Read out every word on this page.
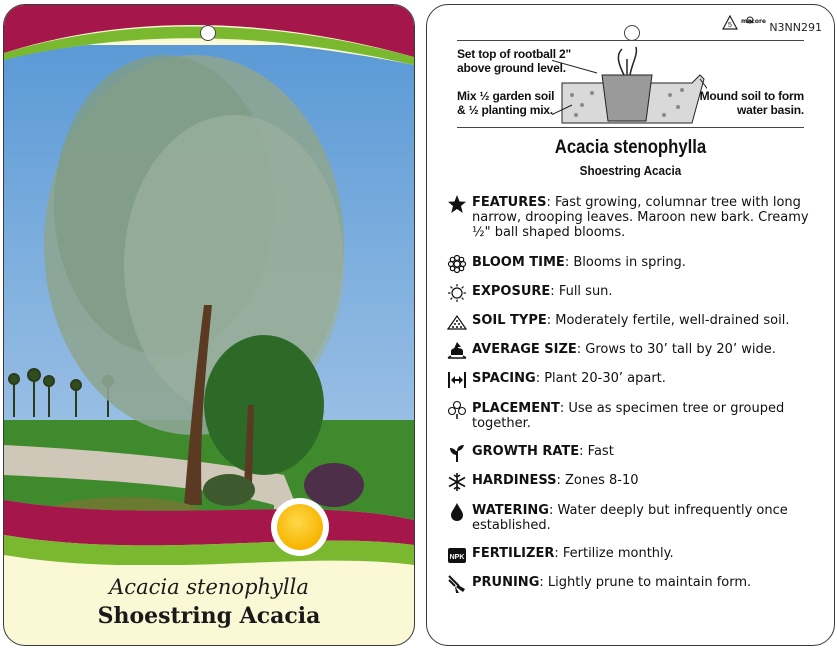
Acacia stenophylla
Shoestring Acacia
5
macore N3NN291
Set top of rootball 2"
above ground level.
Mix ½ garden soil
& ½ planting mix.
Mound soil to form
water basin.
Acacia stenophylla
Shoestring Acacia
FEATURES: Fast growing, columnar tree with long narrow, drooping leaves. Maroon new bark. Creamy ½" ball shaped blooms.
BLOOM TIME: Blooms in spring.
EXPOSURE: Full sun.
SOIL TYPE: Moderately fertile, well-drained soil.
AVERAGE SIZE: Grows to 30’ tall by 20’ wide.
SPACING: Plant 20-30’ apart.
PLACEMENT: Use as specimen tree or grouped together.
GROWTH RATE: Fast
HARDINESS: Zones 8-10
WATERING: Water deeply but infrequently once established.
NPK FERTILIZER: Fertilize monthly.
PRUNING: Lightly prune to maintain form.
